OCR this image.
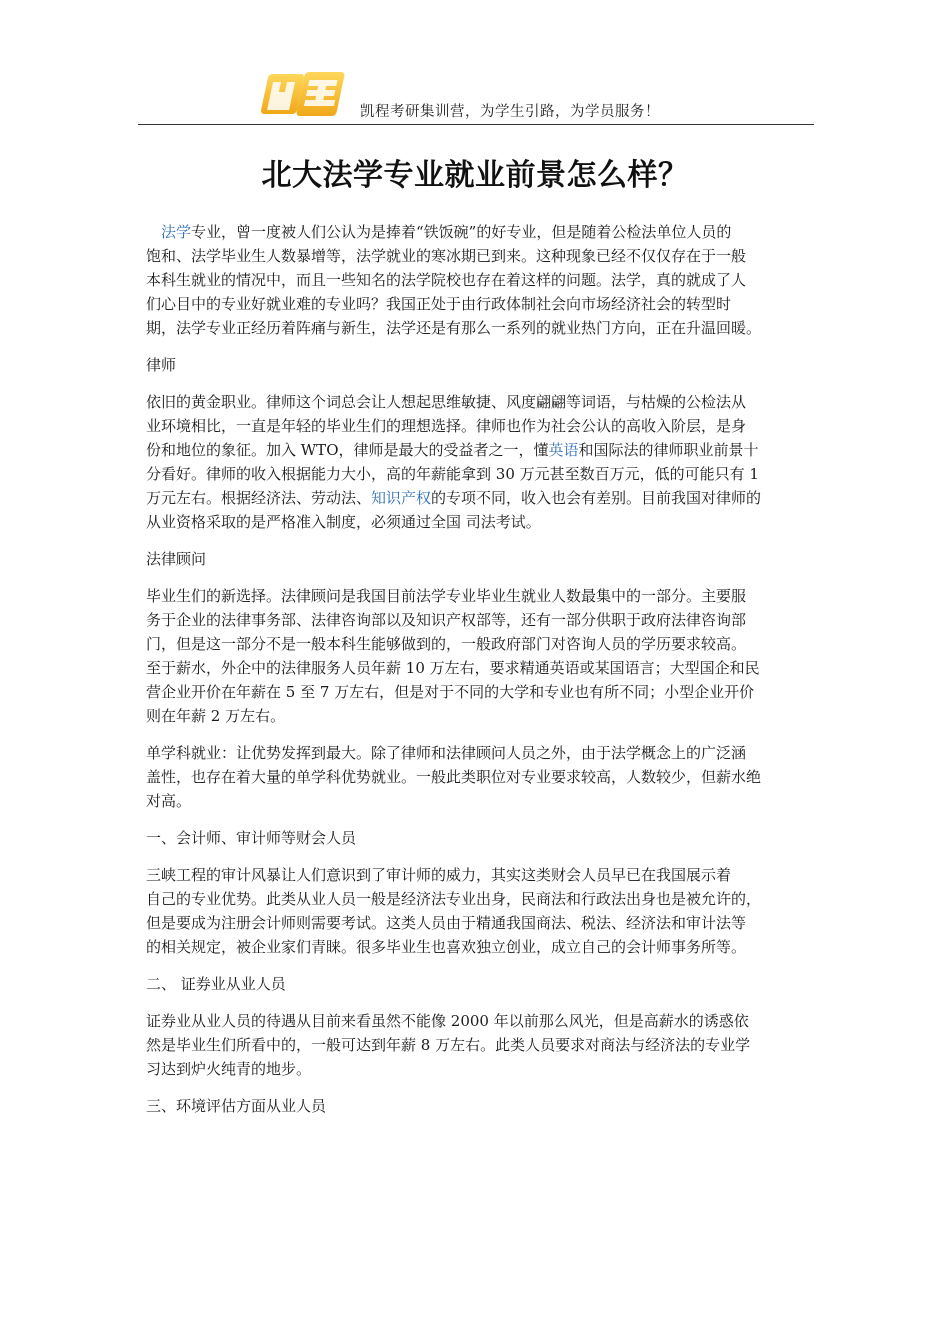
凯程考研集训营，为学生引路，为学员服务！
北大法学专业就业前景怎么样？

法学专业，曾一度被人们公认为是捧着“铁饭碗”的好专业，但是随着公检法单位人员的
饱和、法学毕业生人数暴增等，法学就业的寒冰期已到来。这种现象已经不仅仅存在于一般
本科生就业的情况中，而且一些知名的法学院校也存在着这样的问题。法学，真的就成了人
们心目中的专业好就业难的专业吗？我国正处于由行政体制社会向市场经济社会的转型时
期，法学专业正经历着阵痛与新生，法学还是有那么一系列的就业热门方向，正在升温回暖。

律师

依旧的黄金职业。律师这个词总会让人想起思维敏捷、风度翩翩等词语，与枯燥的公检法从
业环境相比，一直是年轻的毕业生们的理想选择。律师也作为社会公认的高收入阶层，是身
份和地位的象征。加入 WTO，律师是最大的受益者之一，懂英语和国际法的律师职业前景十
分看好。律师的收入根据能力大小，高的年薪能拿到 30 万元甚至数百万元，低的可能只有 1
万元左右。根据经济法、劳动法、知识产权的专项不同，收入也会有差别。目前我国对律师的
从业资格采取的是严格准入制度，必须通过全国 司法考试。

法律顾问

毕业生们的新选择。法律顾问是我国目前法学专业毕业生就业人数最集中的一部分。主要服
务于企业的法律事务部、法律咨询部以及知识产权部等，还有一部分供职于政府法律咨询部
门，但是这一部分不是一般本科生能够做到的，一般政府部门对咨询人员的学历要求较高。
至于薪水，外企中的法律服务人员年薪 10 万左右，要求精通英语或某国语言；大型国企和民
营企业开价在年薪在 5 至 7 万左右，但是对于不同的大学和专业也有所不同；小型企业开价
则在年薪 2 万左右。

单学科就业：让优势发挥到最大。除了律师和法律顾问人员之外，由于法学概念上的广泛涵
盖性，也存在着大量的单学科优势就业。一般此类职位对专业要求较高，人数较少，但薪水绝
对高。

一、会计师、审计师等财会人员

三峡工程的审计风暴让人们意识到了审计师的威力，其实这类财会人员早已在我国展示着
自己的专业优势。此类从业人员一般是经济法专业出身，民商法和行政法出身也是被允许的，
但是要成为注册会计师则需要考试。这类人员由于精通我国商法、税法、经济法和审计法等
的相关规定，被企业家们青睐。很多毕业生也喜欢独立创业，成立自己的会计师事务所等。

二、 证券业从业人员

证券业从业人员的待遇从目前来看虽然不能像 2000 年以前那么风光，但是高薪水的诱惑依
然是毕业生们所看中的，一般可达到年薪 8 万左右。此类人员要求对商法与经济法的专业学
习达到炉火纯青的地步。

三、环境评估方面从业人员
